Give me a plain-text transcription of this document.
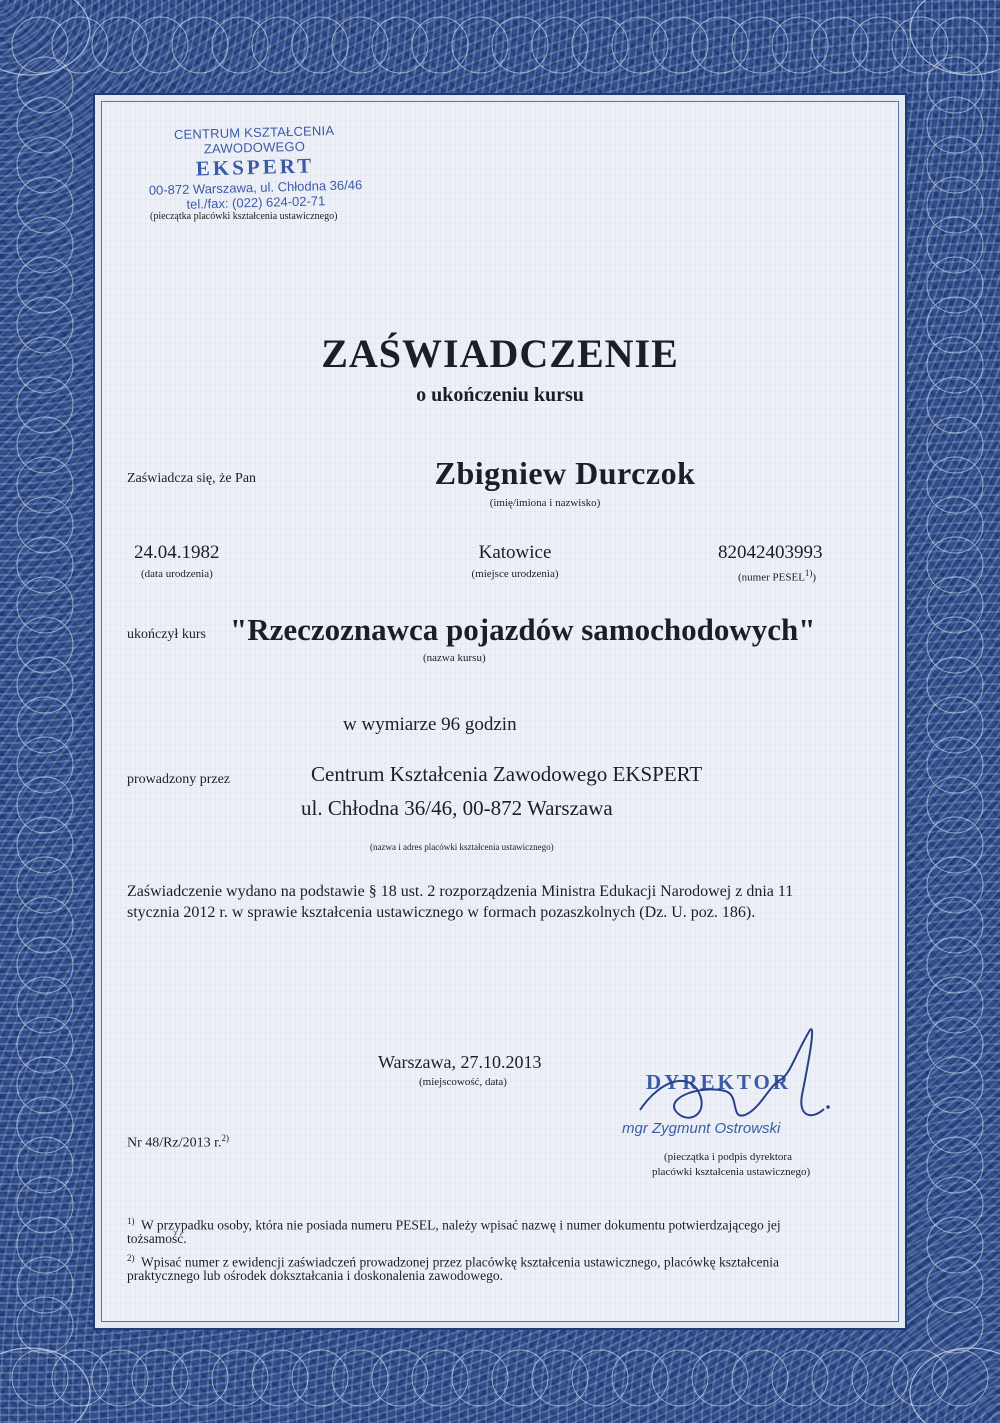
CENTRUM KSZTAŁCENIA ZAWODOWEGO
EKSPERT
00-872 Warszawa, ul. Chłodna 36/46
tel./fax: (022) 624-02-71
(pieczątka placówki kształcenia ustawicznego)
ZAŚWIADCZENIE
o ukończeniu kursu
Zaświadcza się, że Pan	Zbigniew Durczok
(imię/imiona i nazwisko)
24.04.1982
(data urodzenia)
Katowice
(miejsce urodzenia)
82042403993
(numer PESEL$^{1)}$)
ukończył kurs "Rzeczoznawca pojazdów samochodowych"
(nazwa kursu)
w wymiarze 96 godzin
prowadzony przez	Centrum Kształcenia Zawodowego EKSPERT
ul. Chłodna 36/46, 00-872 Warszawa
(nazwa i adres placówki kształcenia ustawicznego)
Zaświadczenie wydano na podstawie § 18 ust. 2 rozporządzenia Ministra Edukacji Narodowej z dnia 11
stycznia 2012 r. w sprawie kształcenia ustawicznego w formach pozaszkolnych (Dz. U. poz. 186).
Warszawa, 27.10.2013
(miejscowość, data)
Nr 48/Rz/2013 r.$^{2)}$
DYREKTOR
mgr Zygmunt Ostrowski
(pieczątka i podpis dyrektora
placówki kształcenia ustawicznego)
$^{1)}$ W przypadku osoby, która nie posiada numeru PESEL, należy wpisać nazwę i numer dokumentu potwierdzającego jej
tożsamość.
$^{2)}$ Wpisać numer z ewidencji zaświadczeń prowadzonej przez placówkę kształcenia ustawicznego, placówkę kształcenia
praktycznego lub ośrodek dokształcania i doskonalenia zawodowego.
